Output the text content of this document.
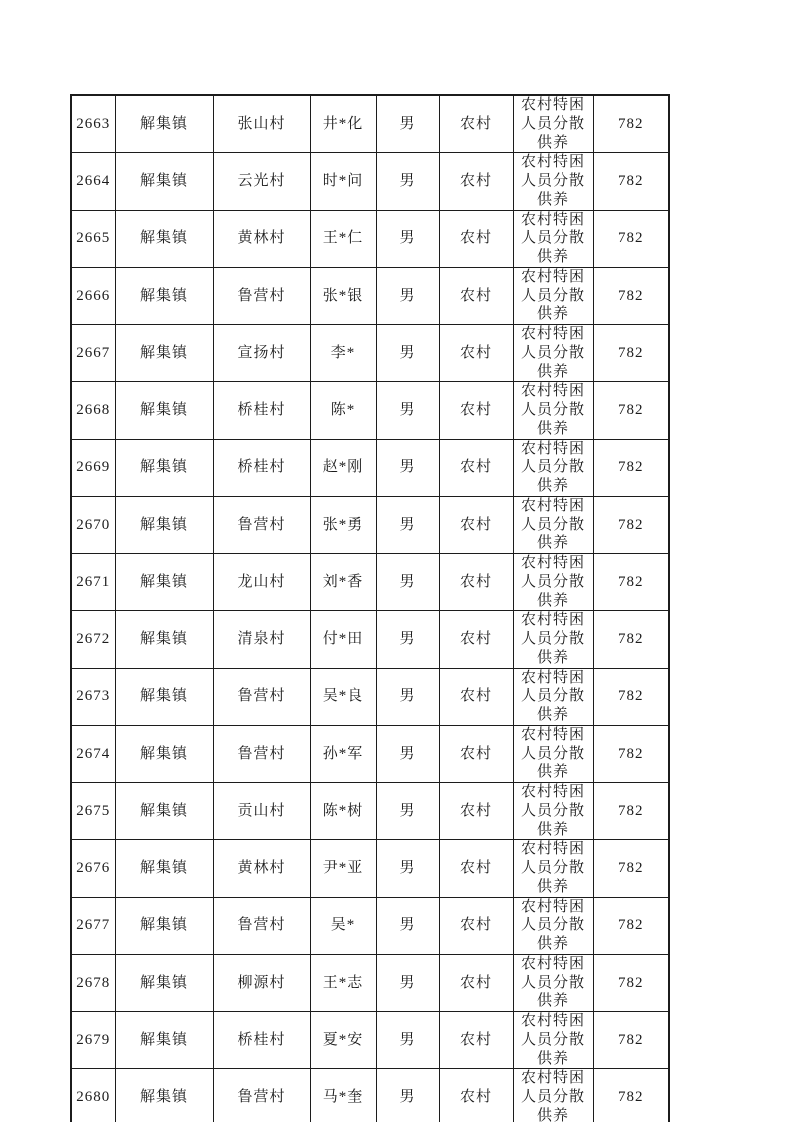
2663	解集镇	张山村	井*化	男	农村	农村特困人员分散供养	782
2664	解集镇	云光村	时*问	男	农村	农村特困人员分散供养	782
2665	解集镇	黄林村	王*仁	男	农村	农村特困人员分散供养	782
2666	解集镇	鲁营村	张*银	男	农村	农村特困人员分散供养	782
2667	解集镇	宣扬村	李*	男	农村	农村特困人员分散供养	782
2668	解集镇	桥桂村	陈*	男	农村	农村特困人员分散供养	782
2669	解集镇	桥桂村	赵*刚	男	农村	农村特困人员分散供养	782
2670	解集镇	鲁营村	张*勇	男	农村	农村特困人员分散供养	782
2671	解集镇	龙山村	刘*香	男	农村	农村特困人员分散供养	782
2672	解集镇	清泉村	付*田	男	农村	农村特困人员分散供养	782
2673	解集镇	鲁营村	吴*良	男	农村	农村特困人员分散供养	782
2674	解集镇	鲁营村	孙*军	男	农村	农村特困人员分散供养	782
2675	解集镇	贡山村	陈*树	男	农村	农村特困人员分散供养	782
2676	解集镇	黄林村	尹*亚	男	农村	农村特困人员分散供养	782
2677	解集镇	鲁营村	吴*	男	农村	农村特困人员分散供养	782
2678	解集镇	柳源村	王*志	男	农村	农村特困人员分散供养	782
2679	解集镇	桥桂村	夏*安	男	农村	农村特困人员分散供养	782
2680	解集镇	鲁营村	马*奎	男	农村	农村特困人员分散供养	782
